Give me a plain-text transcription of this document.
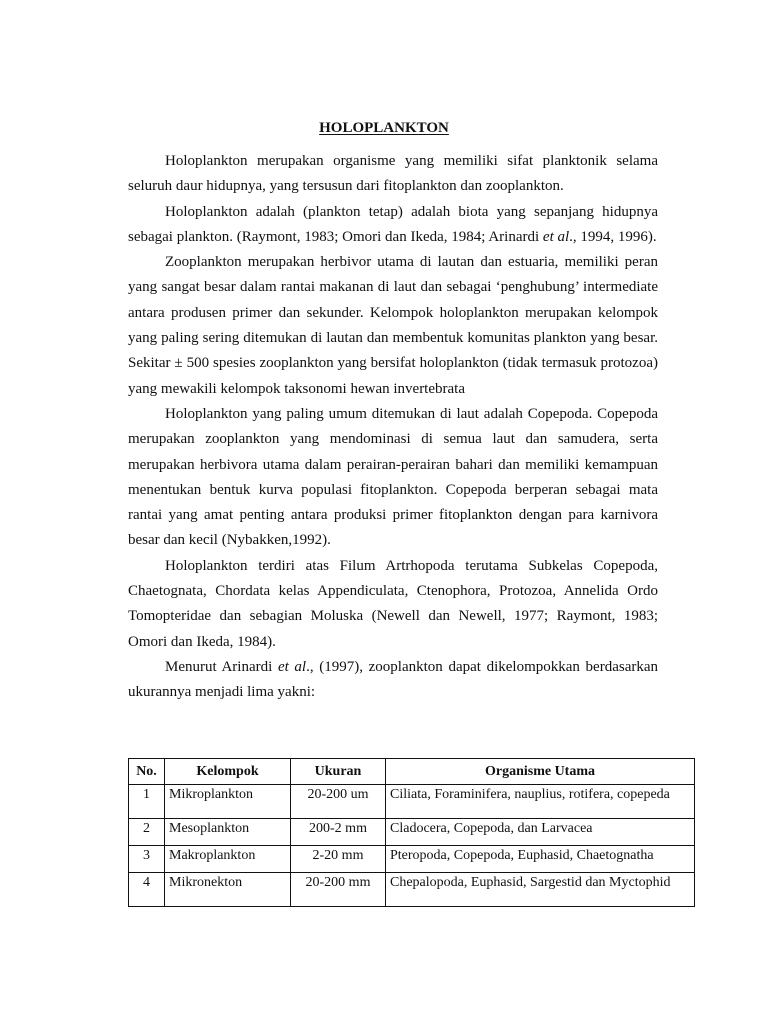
HOLOPLANKTON

Holoplankton merupakan organisme yang memiliki sifat planktonik selama seluruh daur hidupnya, yang tersusun dari fitoplankton dan zooplankton.

Holoplankton adalah (plankton tetap) adalah biota yang sepanjang hidupnya sebagai plankton. (Raymont, 1983; Omori dan Ikeda, 1984; Arinardi et al., 1994, 1996).

Zooplankton merupakan herbivor utama di lautan dan estuaria, memiliki peran yang sangat besar dalam rantai makanan di laut dan sebagai ‘penghubung’ intermediate antara produsen primer dan sekunder. Kelompok holoplankton merupakan kelompok yang paling sering ditemukan di lautan dan membentuk komunitas plankton yang besar. Sekitar ± 500 spesies zooplankton yang bersifat holoplankton (tidak termasuk protozoa) yang mewakili kelompok taksonomi hewan invertebrata

Holoplankton yang paling umum ditemukan di laut adalah Copepoda. Copepoda merupakan zooplankton yang mendominasi di semua laut dan samudera, serta merupakan herbivora utama dalam perairan-perairan bahari dan memiliki kemampuan menentukan bentuk kurva populasi fitoplankton. Copepoda berperan sebagai mata rantai yang amat penting antara produksi primer fitoplankton dengan para karnivora besar dan kecil (Nybakken,1992).

Holoplankton terdiri atas Filum Artrhopoda terutama Subkelas Copepoda, Chaetognata, Chordata kelas Appendiculata, Ctenophora, Protozoa, Annelida Ordo Tomopteridae dan sebagian Moluska (Newell dan Newell, 1977; Raymont, 1983; Omori dan Ikeda, 1984).

Menurut Arinardi et al., (1997), zooplankton dapat dikelompokkan berdasarkan ukurannya menjadi lima yakni:

No.	Kelompok	Ukuran	Organisme Utama
1	Mikroplankton	20-200 um	Ciliata, Foraminifera, nauplius, rotifera, copepeda
2	Mesoplankton	200-2 mm	Cladocera, Copepoda, dan Larvacea
3	Makroplankton	2-20 mm	Pteropoda, Copepoda, Euphasid, Chaetognatha
4	Mikronekton	20-200 mm	Chepalopoda, Euphasid, Sargestid dan Myctophid
